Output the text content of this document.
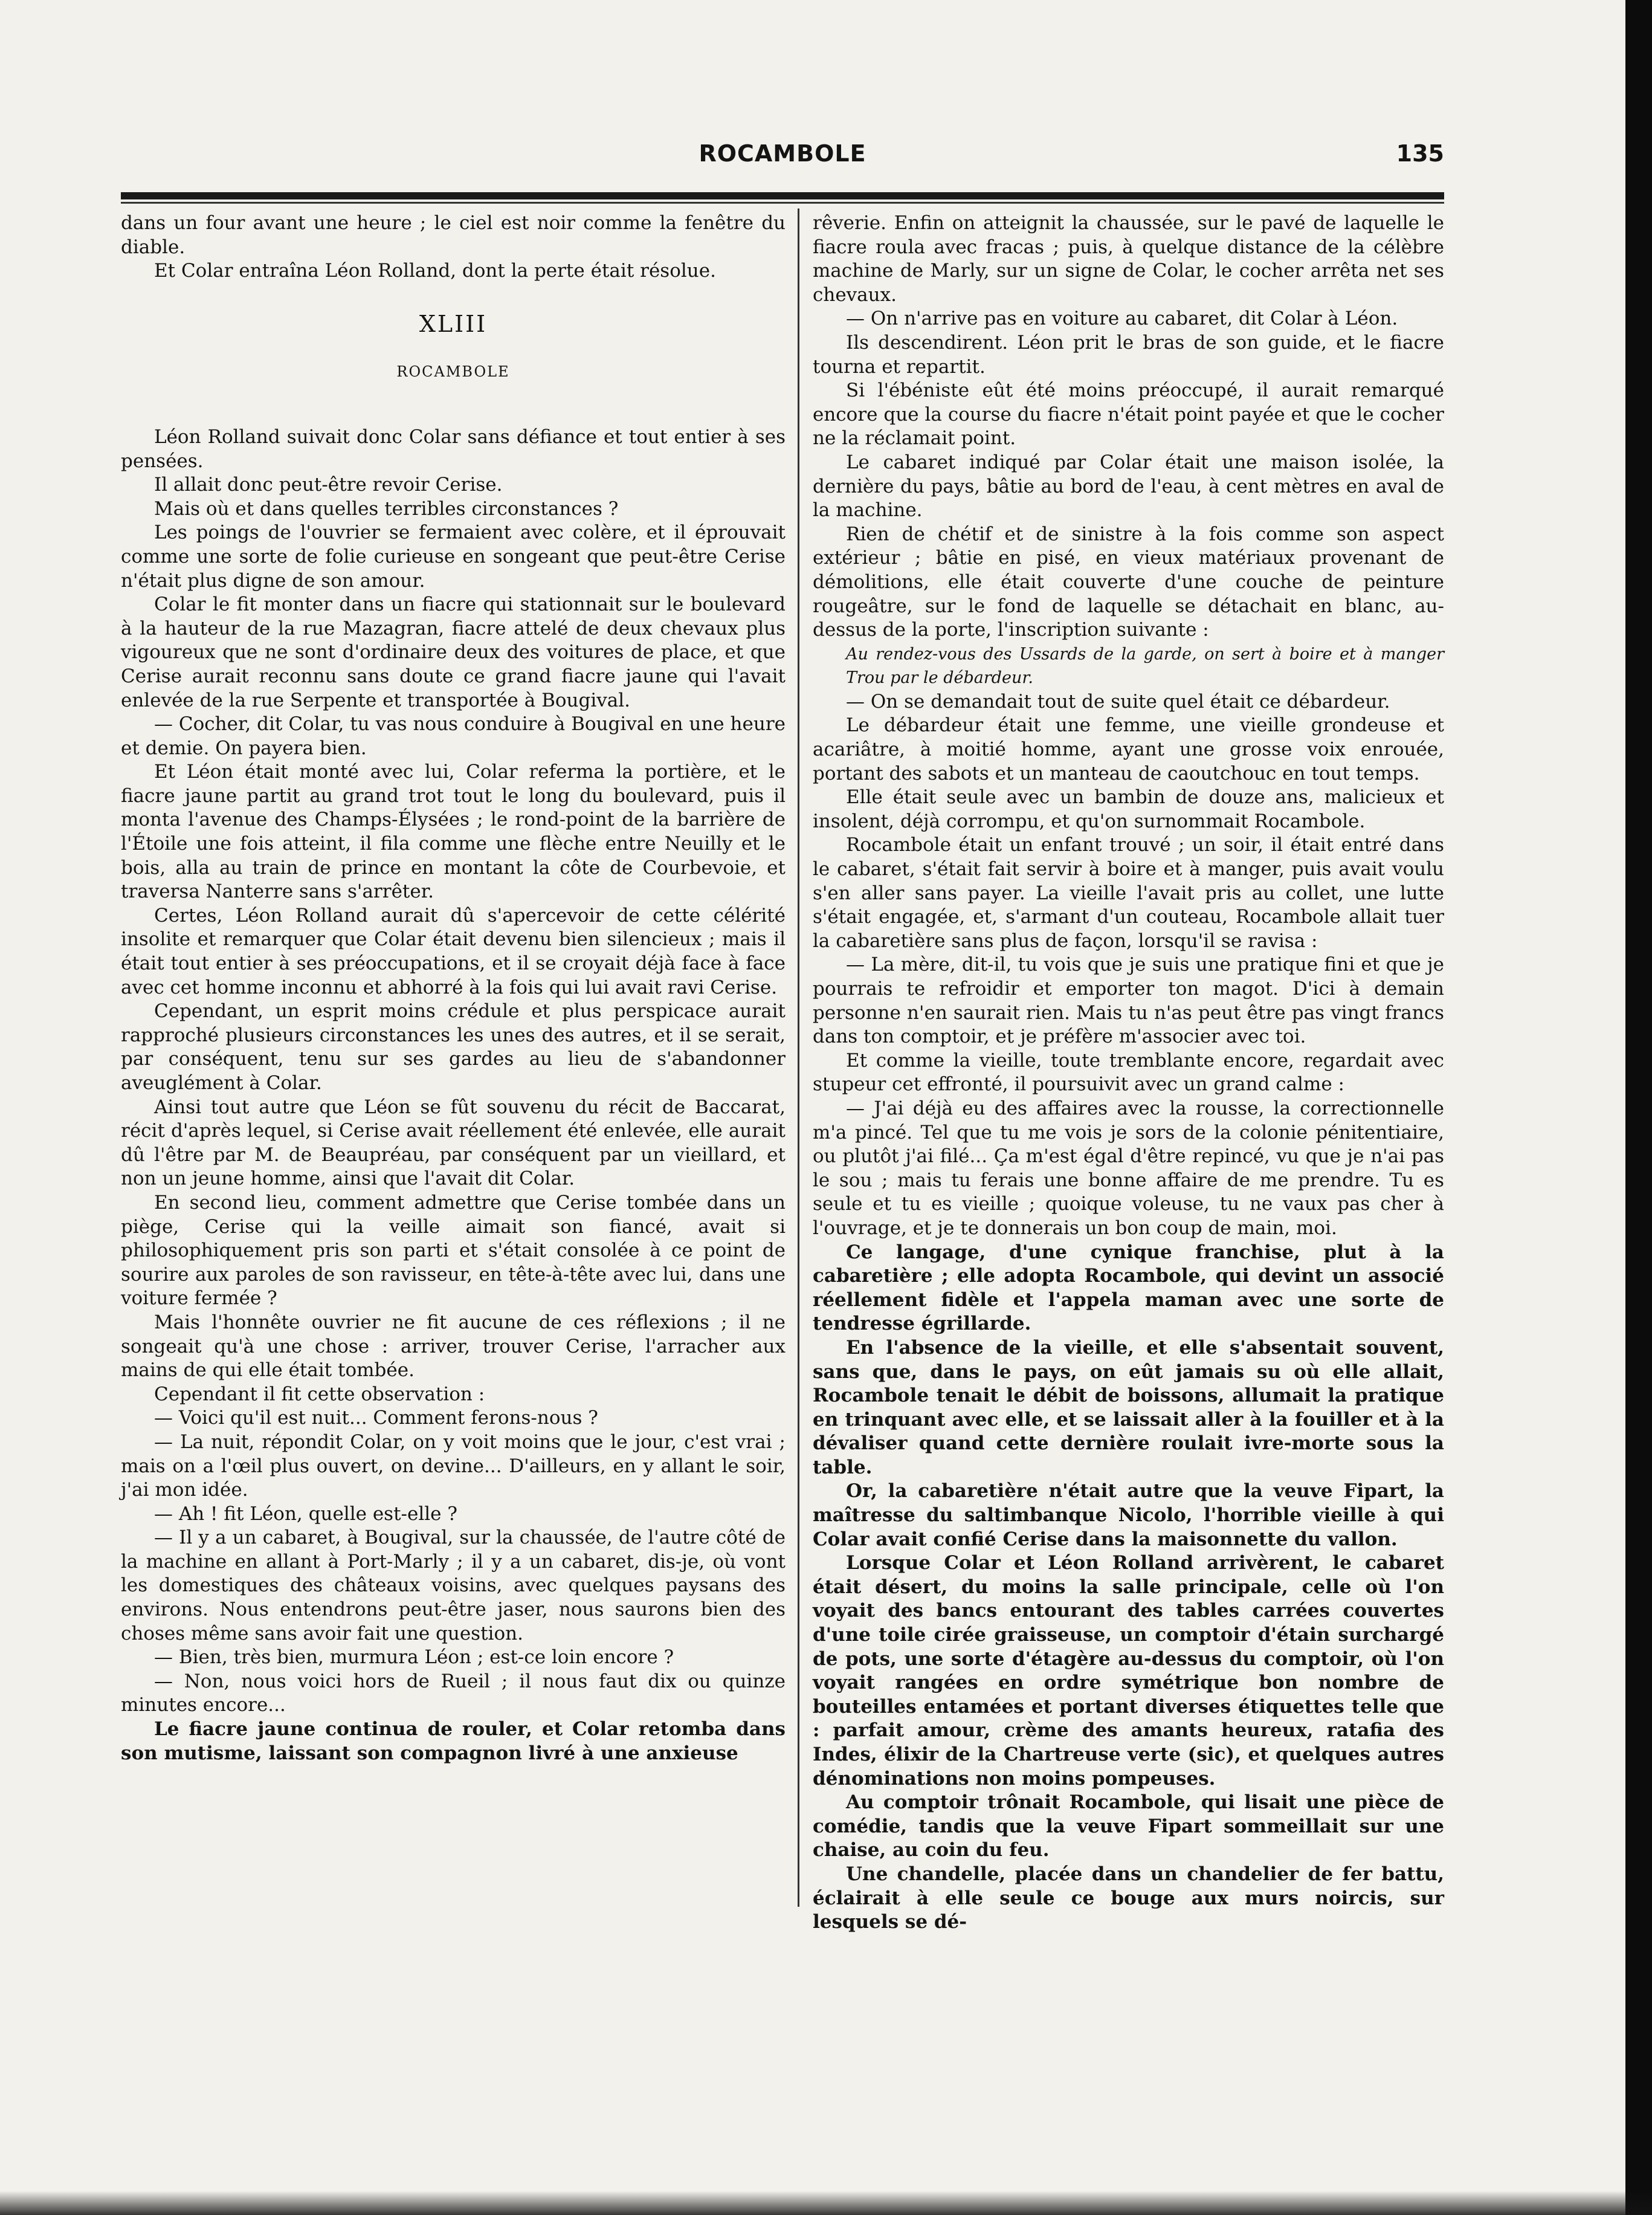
ROCAMBOLE	135

dans un four avant une heure ; le ciel est noir comme la fenêtre du diable.

Et Colar entraîna Léon Rolland, dont la perte était résolue.

XLIII
ROCAMBOLE

Léon Rolland suivait donc Colar sans défiance et tout entier à ses pensées.

Il allait donc peut-être revoir Cerise.

Mais où et dans quelles terribles circonstances ?

Les poings de l'ouvrier se fermaient avec colère, et il éprouvait comme une sorte de folie curieuse en songeant que peut-être Cerise n'était plus digne de son amour.

Colar le fit monter dans un fiacre qui stationnait sur le boulevard à la hauteur de la rue Mazagran, fiacre attelé de deux chevaux plus vigoureux que ne sont d'ordinaire deux des voitures de place, et que Cerise aurait reconnu sans doute ce grand fiacre jaune qui l'avait enlevée de la rue Serpente et transportée à Bougival.

— Cocher, dit Colar, tu vas nous conduire à Bougival en une heure et demie. On payera bien.

Et Léon était monté avec lui, Colar referma la portière, et le fiacre jaune partit au grand trot tout le long du boulevard, puis il monta l'avenue des Champs-Élysées ; le rond-point de la barrière de l'Étoile une fois atteint, il fila comme une flèche entre Neuilly et le bois, alla au train de prince en montant la côte de Courbevoie, et traversa Nanterre sans s'arrêter.

Certes, Léon Rolland aurait dû s'apercevoir de cette célérité insolite et remarquer que Colar était devenu bien silencieux ; mais il était tout entier à ses préoccupations, et il se croyait déjà face à face avec cet homme inconnu et abhorré à la fois qui lui avait ravi Cerise.

Cependant, un esprit moins crédule et plus perspicace aurait rapproché plusieurs circonstances les unes des autres, et il se serait, par conséquent, tenu sur ses gardes au lieu de s'abandonner aveuglément à Colar.

Ainsi tout autre que Léon se fût souvenu du récit de Baccarat, récit d'après lequel, si Cerise avait réellement été enlevée, elle aurait dû l'être par M. de Beaupréau, par conséquent par un vieillard, et non un jeune homme, ainsi que l'avait dit Colar.

En second lieu, comment admettre que Cerise tombée dans un piège, Cerise qui la veille aimait son fiancé, avait si philosophiquement pris son parti et s'était consolée à ce point de sourire aux paroles de son ravisseur, en tête-à-tête avec lui, dans une voiture fermée ?

Mais l'honnête ouvrier ne fit aucune de ces réflexions ; il ne songeait qu'à une chose : arriver, trouver Cerise, l'arracher aux mains de qui elle était tombée.

Cependant il fit cette observation :

— Voici qu'il est nuit... Comment ferons-nous ?

— La nuit, répondit Colar, on y voit moins que le jour, c'est vrai ; mais on a l'œil plus ouvert, on devine... D'ailleurs, en y allant le soir, j'ai mon idée.

— Ah ! fit Léon, quelle est-elle ?

— Il y a un cabaret, à Bougival, sur la chaussée, de l'autre côté de la machine en allant à Port-Marly ; il y a un cabaret, dis-je, où vont les domestiques des châteaux voisins, avec quelques paysans des environs. Nous entendrons peut-être jaser, nous saurons bien des choses même sans avoir fait une question.

— Bien, très bien, murmura Léon ; est-ce loin encore ?

— Non, nous voici hors de Rueil ; il nous faut dix ou quinze minutes encore...

Le fiacre jaune continua de rouler, et Colar retomba dans son mutisme, laissant son compagnon livré à une anxieuse

rêverie. Enfin on atteignit la chaussée, sur le pavé de laquelle le fiacre roula avec fracas ; puis, à quelque distance de la célèbre machine de Marly, sur un signe de Colar, le cocher arrêta net ses chevaux.

— On n'arrive pas en voiture au cabaret, dit Colar à Léon.

Ils descendirent. Léon prit le bras de son guide, et le fiacre tourna et repartit.

Si l'ébéniste eût été moins préoccupé, il aurait remarqué encore que la course du fiacre n'était point payée et que le cocher ne la réclamait point.

Le cabaret indiqué par Colar était une maison isolée, la dernière du pays, bâtie au bord de l'eau, à cent mètres en aval de la machine.

Rien de chétif et de sinistre à la fois comme son aspect extérieur ; bâtie en pisé, en vieux matériaux provenant de démolitions, elle était couverte d'une couche de peinture rougeâtre, sur le fond de laquelle se détachait en blanc, au-dessus de la porte, l'inscription suivante :

Au rendez-vous des Ussards de la garde, on sert à boire et à manger Trou par le débardeur.

— On se demandait tout de suite quel était ce débardeur.

Le débardeur était une femme, une vieille grondeuse et acariâtre, à moitié homme, ayant une grosse voix enrouée, portant des sabots et un manteau de caoutchouc en tout temps.

Elle était seule avec un bambin de douze ans, malicieux et insolent, déjà corrompu, et qu'on surnommait Rocambole.

Rocambole était un enfant trouvé ; un soir, il était entré dans le cabaret, s'était fait servir à boire et à manger, puis avait voulu s'en aller sans payer. La vieille l'avait pris au collet, une lutte s'était engagée, et, s'armant d'un couteau, Rocambole allait tuer la cabaretière sans plus de façon, lorsqu'il se ravisa :

— La mère, dit-il, tu vois que je suis une pratique fini et que je pourrais te refroidir et emporter ton magot. D'ici à demain personne n'en saurait rien. Mais tu n'as peut être pas vingt francs dans ton comptoir, et je préfère m'associer avec toi.

Et comme la vieille, toute tremblante encore, regardait avec stupeur cet effronté, il poursuivit avec un grand calme :

— J'ai déjà eu des affaires avec la rousse, la correctionnelle m'a pincé. Tel que tu me vois je sors de la colonie pénitentiaire, ou plutôt j'ai filé... Ça m'est égal d'être repincé, vu que je n'ai pas le sou ; mais tu ferais une bonne affaire de me prendre. Tu es seule et tu es vieille ; quoique voleuse, tu ne vaux pas cher à l'ouvrage, et je te donnerais un bon coup de main, moi.

Ce langage, d'une cynique franchise, plut à la cabaretière ; elle adopta Rocambole, qui devint un associé réellement fidèle et l'appela maman avec une sorte de tendresse égrillarde.

En l'absence de la vieille, et elle s'absentait souvent, sans que, dans le pays, on eût jamais su où elle allait, Rocambole tenait le débit de boissons, allumait la pratique en trinquant avec elle, et se laissait aller à la fouiller et à la dévaliser quand cette dernière roulait ivre-morte sous la table.

Or, la cabaretière n'était autre que la veuve Fipart, la maîtresse du saltimbanque Nicolo, l'horrible vieille à qui Colar avait confié Cerise dans la maisonnette du vallon.

Lorsque Colar et Léon Rolland arrivèrent, le cabaret était désert, du moins la salle principale, celle où l'on voyait des bancs entourant des tables carrées couvertes d'une toile cirée graisseuse, un comptoir d'étain surchargé de pots, une sorte d'étagère au-dessus du comptoir, où l'on voyait rangées en ordre symétrique bon nombre de bouteilles entamées et portant diverses étiquettes telle que : parfait amour, crème des amants heureux, ratafia des Indes, élixir de la Chartreuse verte (sic), et quelques autres dénominations non moins pompeuses.

Au comptoir trônait Rocambole, qui lisait une pièce de comédie, tandis que la veuve Fipart sommeillait sur une chaise, au coin du feu.

Une chandelle, placée dans un chandelier de fer battu, éclairait à elle seule ce bouge aux murs noircis, sur lesquels se dé-
